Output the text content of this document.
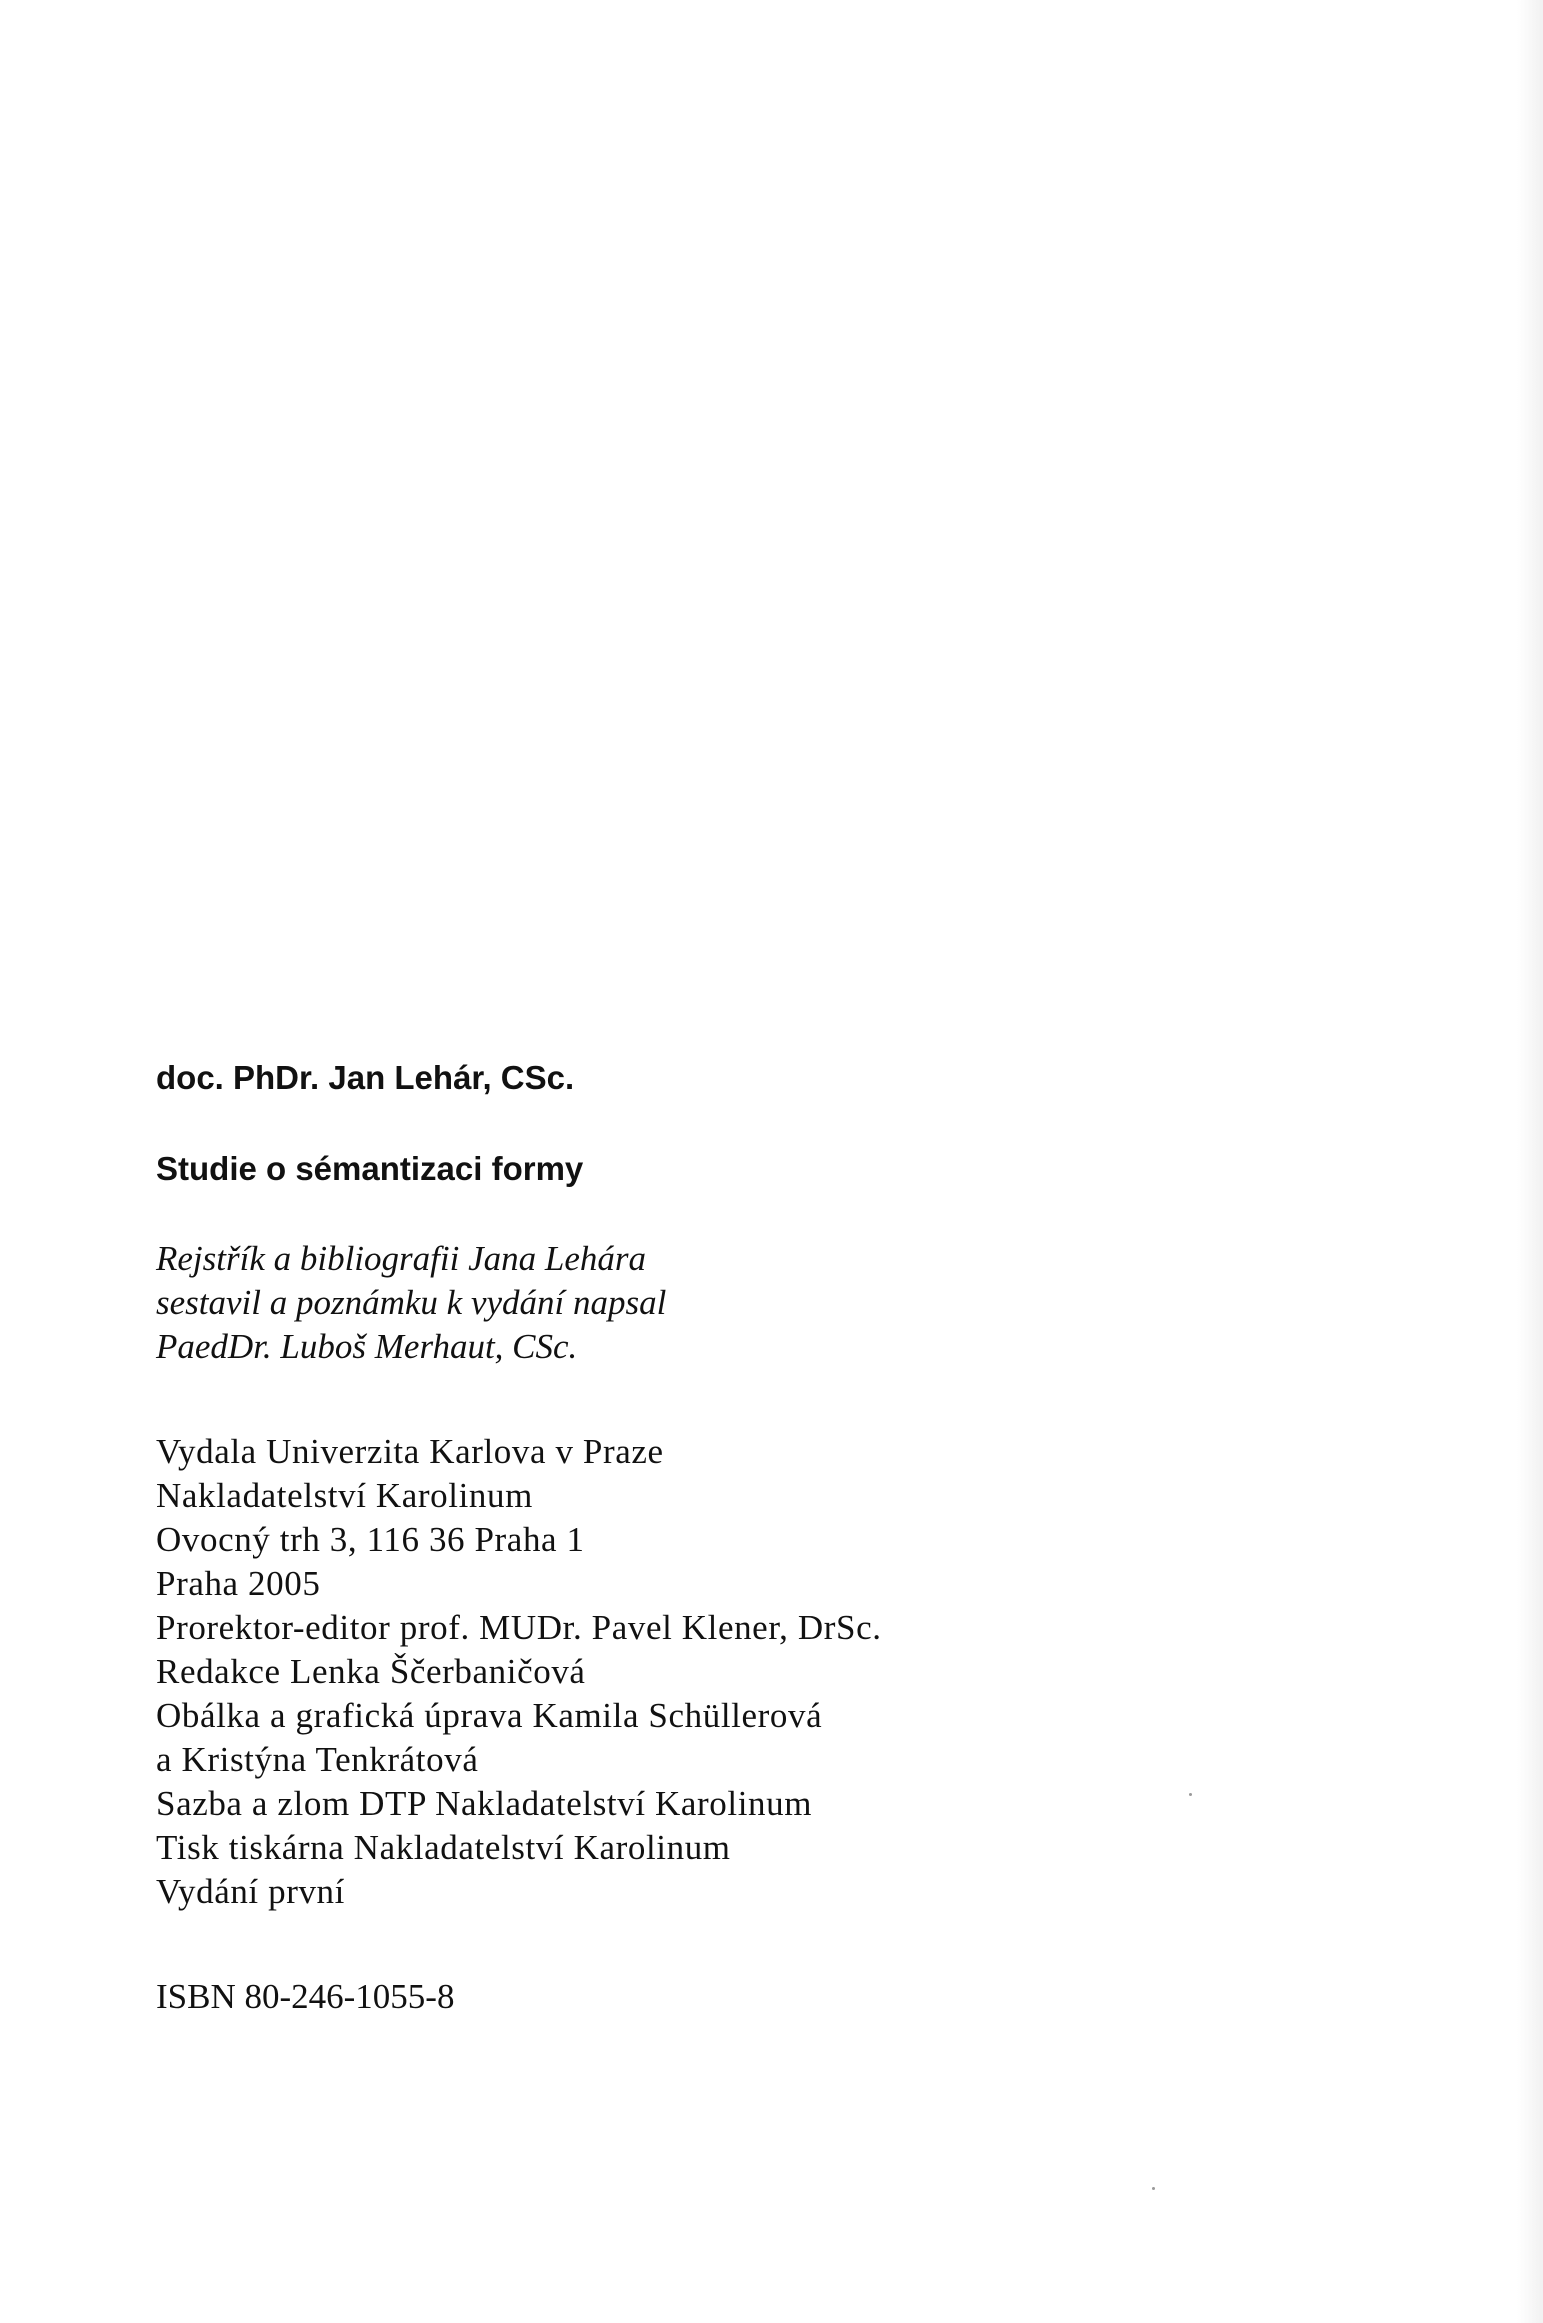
doc. PhDr. Jan Lehár, CSc.
Studie o sémantizaci formy
Rejstřík a bibliografii Jana Lehára
sestavil a poznámku k vydání napsal
PaedDr. Luboš Merhaut, CSc.
Vydala Univerzita Karlova v Praze
Nakladatelství Karolinum
Ovocný trh 3, 116 36 Praha 1
Praha 2005
Prorektor-editor prof. MUDr. Pavel Klener, DrSc.
Redakce Lenka Ščerbaničová
Obálka a grafická úprava Kamila Schüllerová
a Kristýna Tenkrátová
Sazba a zlom DTP Nakladatelství Karolinum
Tisk tiskárna Nakladatelství Karolinum
Vydání první
ISBN 80-246-1055-8
